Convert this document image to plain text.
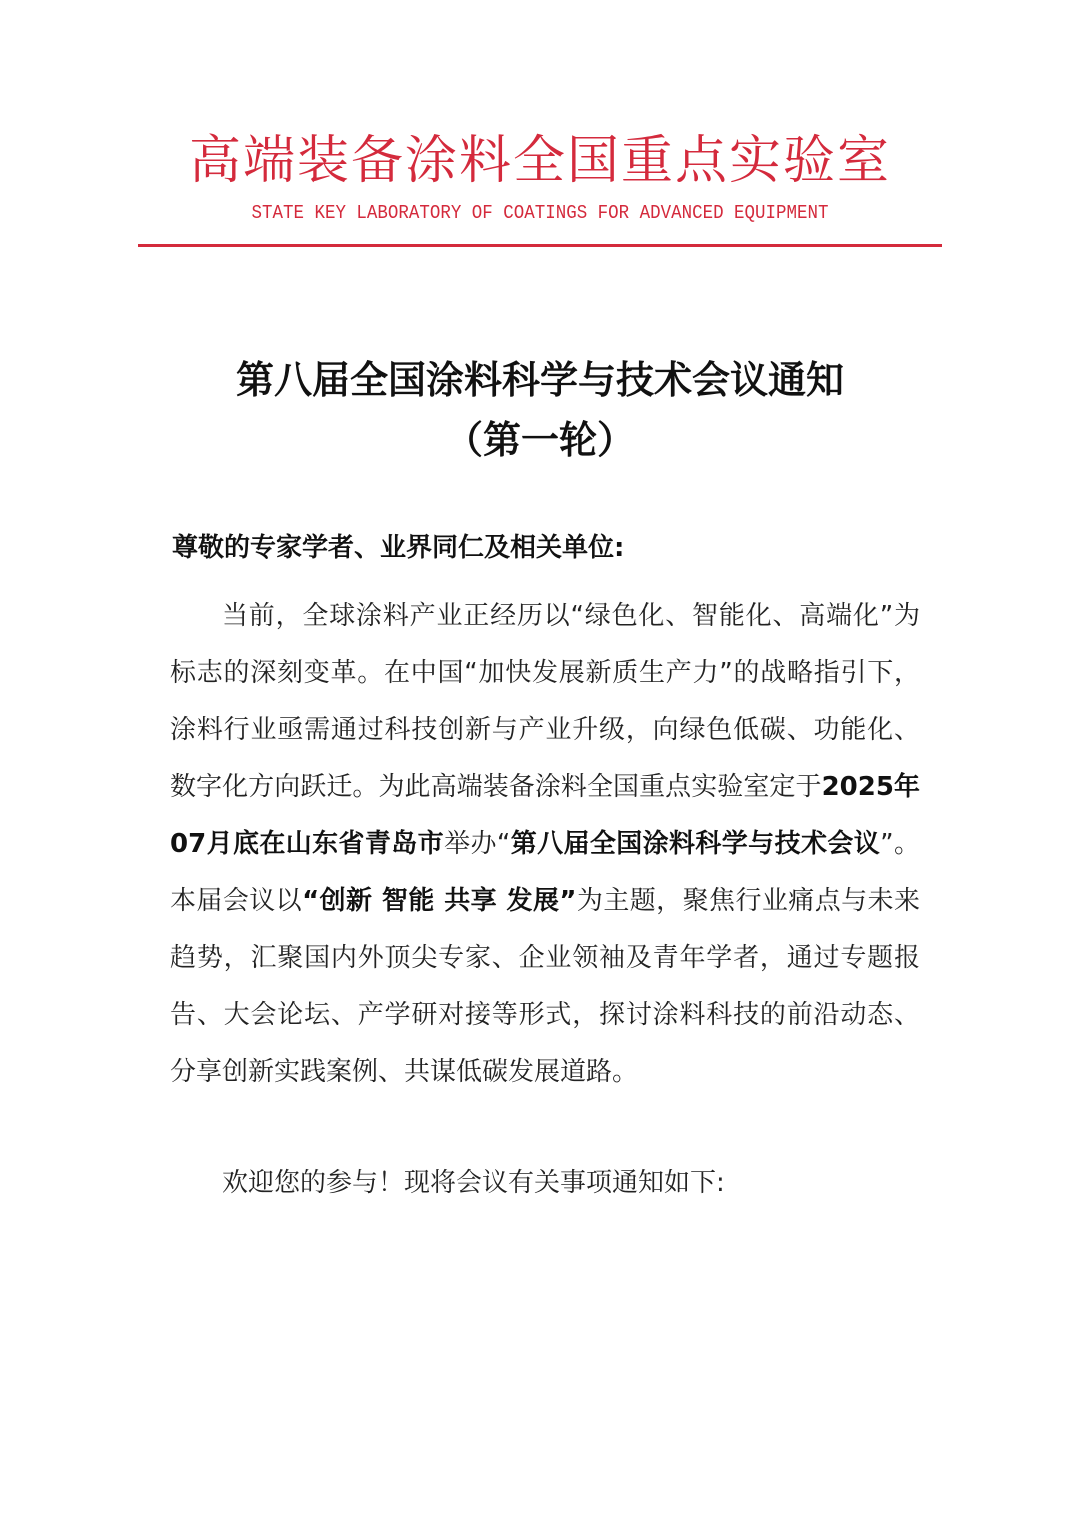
高端装备涂料全国重点实验室
STATE KEY LABORATORY OF COATINGS FOR ADVANCED EQUIPMENT
第八届全国涂料科学与技术会议通知
（第一轮）
尊敬的专家学者、业界同仁及相关单位:

当前，全球涂料产业正经历以“绿色化、智能化、高端化”为标志的深刻变革。在中国“加快发展新质生产力”的战略指引下，涂料行业亟需通过科技创新与产业升级，向绿色低碳、功能化、数字化方向跃迁。为此高端装备涂料全国重点实验室定于2025年07月底在山东省青岛市举办“第八届全国涂料科学与技术会议”。本届会议以“创新 智能 共享 发展”为主题，聚焦行业痛点与未来趋势，汇聚国内外顶尖专家、企业领袖及青年学者，通过专题报告、大会论坛、产学研对接等形式，探讨涂料科技的前沿动态、分享创新实践案例、共谋低碳发展道路。

欢迎您的参与！现将会议有关事项通知如下:
